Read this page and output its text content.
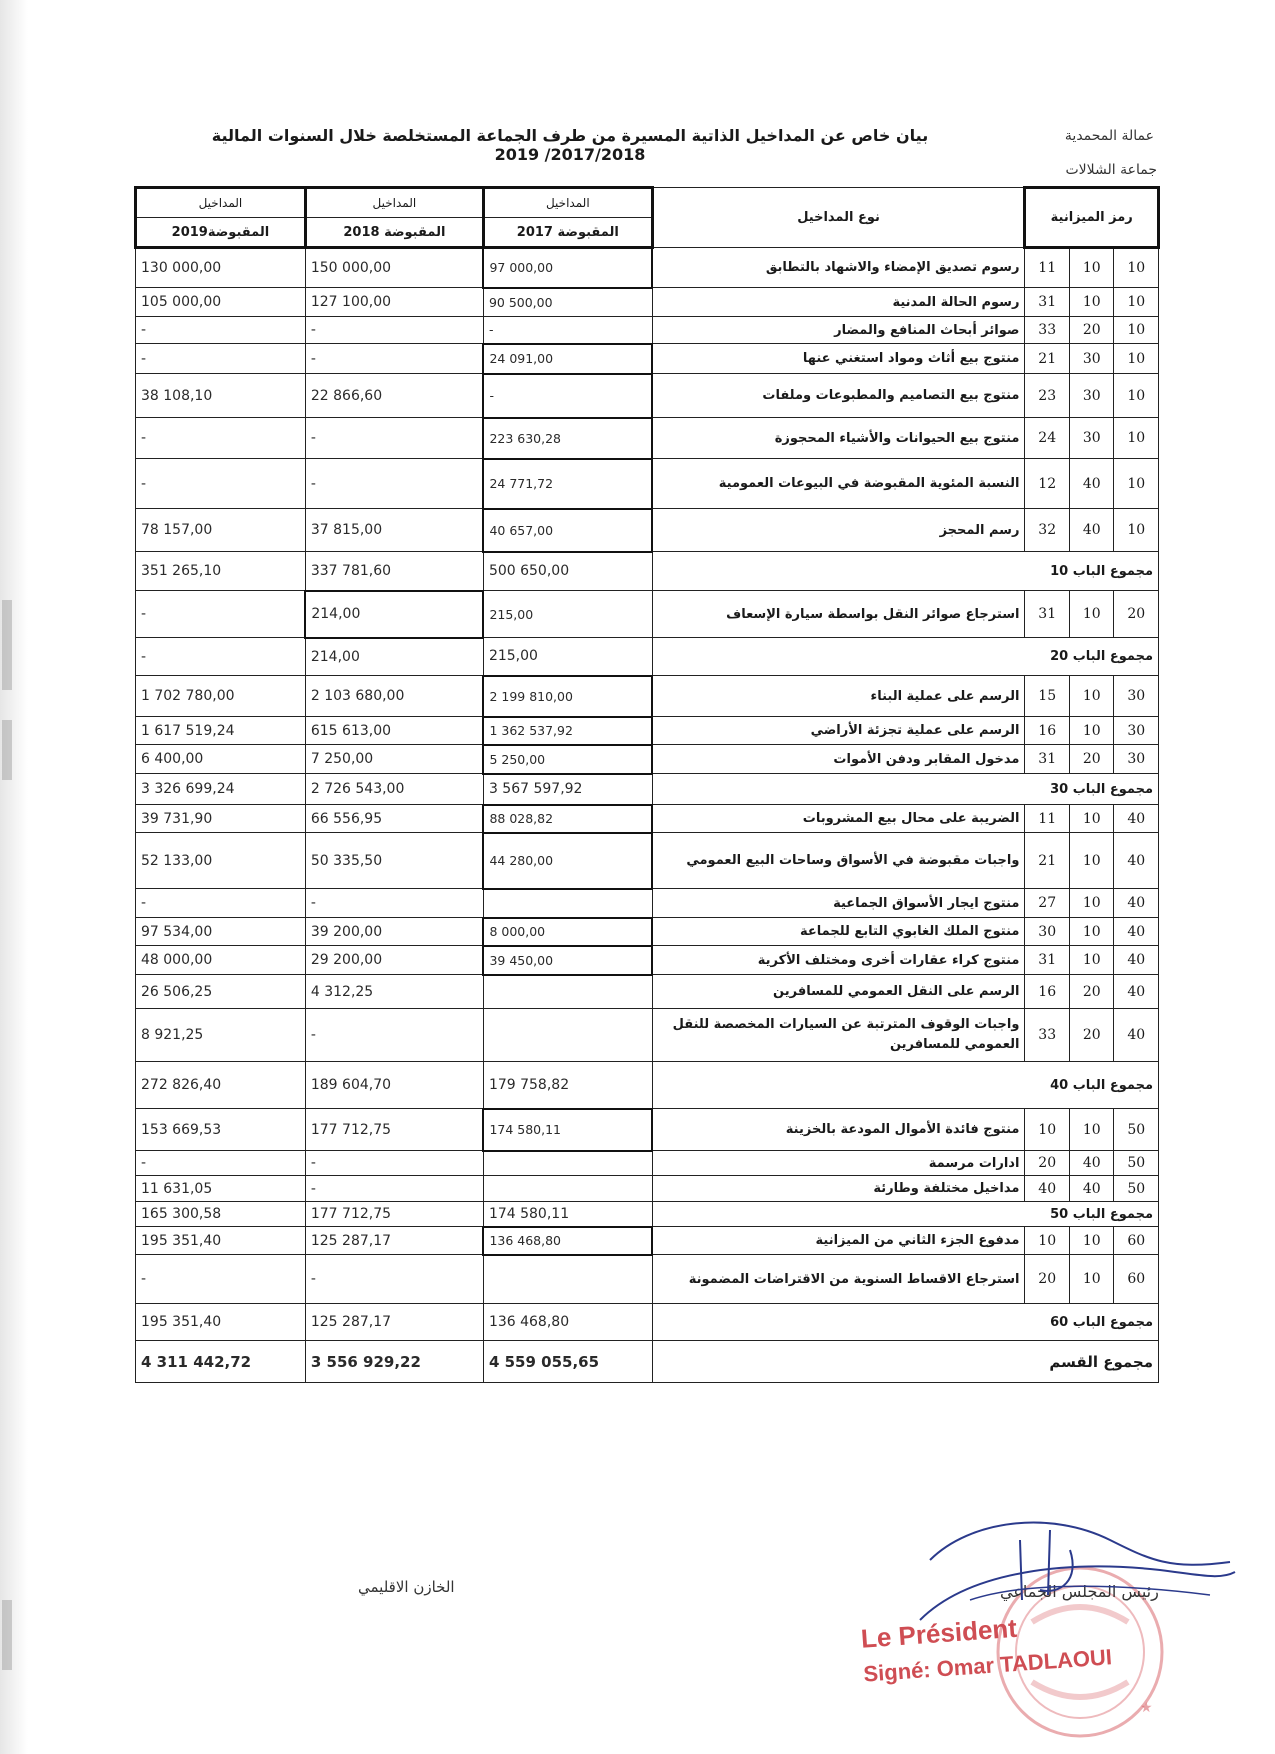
عمالة المحمدية
جماعة الشلالات
بيان خاص عن المداخيل الذاتية المسيرة من طرف الجماعة المستخلصة خلال السنوات المالية 2017/2018/ 2019
رمز الميزانية			نوع المداخيل	المداخيل	المداخيل	المداخيل
				المقبوضة 2017	المقبوضة 2018	المقبوضة2019
10	10	11	رسوم تصديق الإمضاء والاشهاد بالتطابق	97 000,00	150 000,00	130 000,00
10	10	31	رسوم الحالة المدنية	90 500,00	127 100,00	105 000,00
10	20	33	صوائر أبحاث المنافع والمضار	-	-	-
10	30	21	منتوج بيع أثاث ومواد استغني عنها	24 091,00	-	-
10	30	23	منتوج بيع التصاميم والمطبوعات وملفات	-	22 866,60	38 108,10
10	30	24	منتوج بيع الحيوانات والأشياء المحجوزة	223 630,28	-	-
10	40	12	النسبة المئوية المقبوضة في البيوعات العمومية	24 771,72	-	-
10	40	32	رسم المحجز	40 657,00	37 815,00	78 157,00
مجموع الباب 10				500 650,00	337 781,60	351 265,10
20	10	31	استرجاع صوائر النقل بواسطة سيارة الإسعاف	215,00	214,00	-
مجموع الباب 20				215,00	214,00	-
30	10	15	الرسم على عملية البناء	2 199 810,00	2 103 680,00	1 702 780,00
30	10	16	الرسم على عملية تجزئة الأراضي	1 362 537,92	615 613,00	1 617 519,24
30	20	31	مدخول المقابر ودفن الأموات	5 250,00	7 250,00	6 400,00
مجموع الباب 30				3 567 597,92	2 726 543,00	3 326 699,24
40	10	11	الضريبة على محال بيع المشروبات	88 028,82	66 556,95	39 731,90
40	10	21	واجبات مقبوضة في الأسواق وساحات البيع العمومي	44 280,00	50 335,50	52 133,00
40	10	27	منتوج ايجار الأسواق الجماعية		-	-
40	10	30	منتوج الملك الغابوي التابع للجماعة	8 000,00	39 200,00	97 534,00
40	10	31	منتوج كراء عقارات أخرى ومختلف الأكرية	39 450,00	29 200,00	48 000,00
40	20	16	الرسم على النقل العمومي للمسافرين		4 312,25	26 506,25
40	20	33	واجبات الوقوف المترتبة عن السيارات المخصصة للنقل العمومي للمسافرين		-	8 921,25
مجموع الباب 40				179 758,82	189 604,70	272 826,40
50	10	10	منتوج فائدة الأموال المودعة بالخزينة	174 580,11	177 712,75	153 669,53
50	40	20	ادارات مرسمة		-	-
50	40	40	مداخيل مختلفة وطارئة		-	11 631,05
مجموع الباب 50				174 580,11	177 712,75	165 300,58
60	10	10	مدفوع الجزء الثاني من الميزانية	136 468,80	125 287,17	195 351,40
60	10	20	استرجاع الاقساط السنوية من الاقتراضات المضمونة		-	-
مجموع الباب 60				136 468,80	125 287,17	195 351,40
مجموع القسم				4 559 055,65	3 556 929,22	4 311 442,72
الخازن الاقليمي
★
رئيس المجلس الجماعي
Le Président
Signé: Omar TADLAOUI
